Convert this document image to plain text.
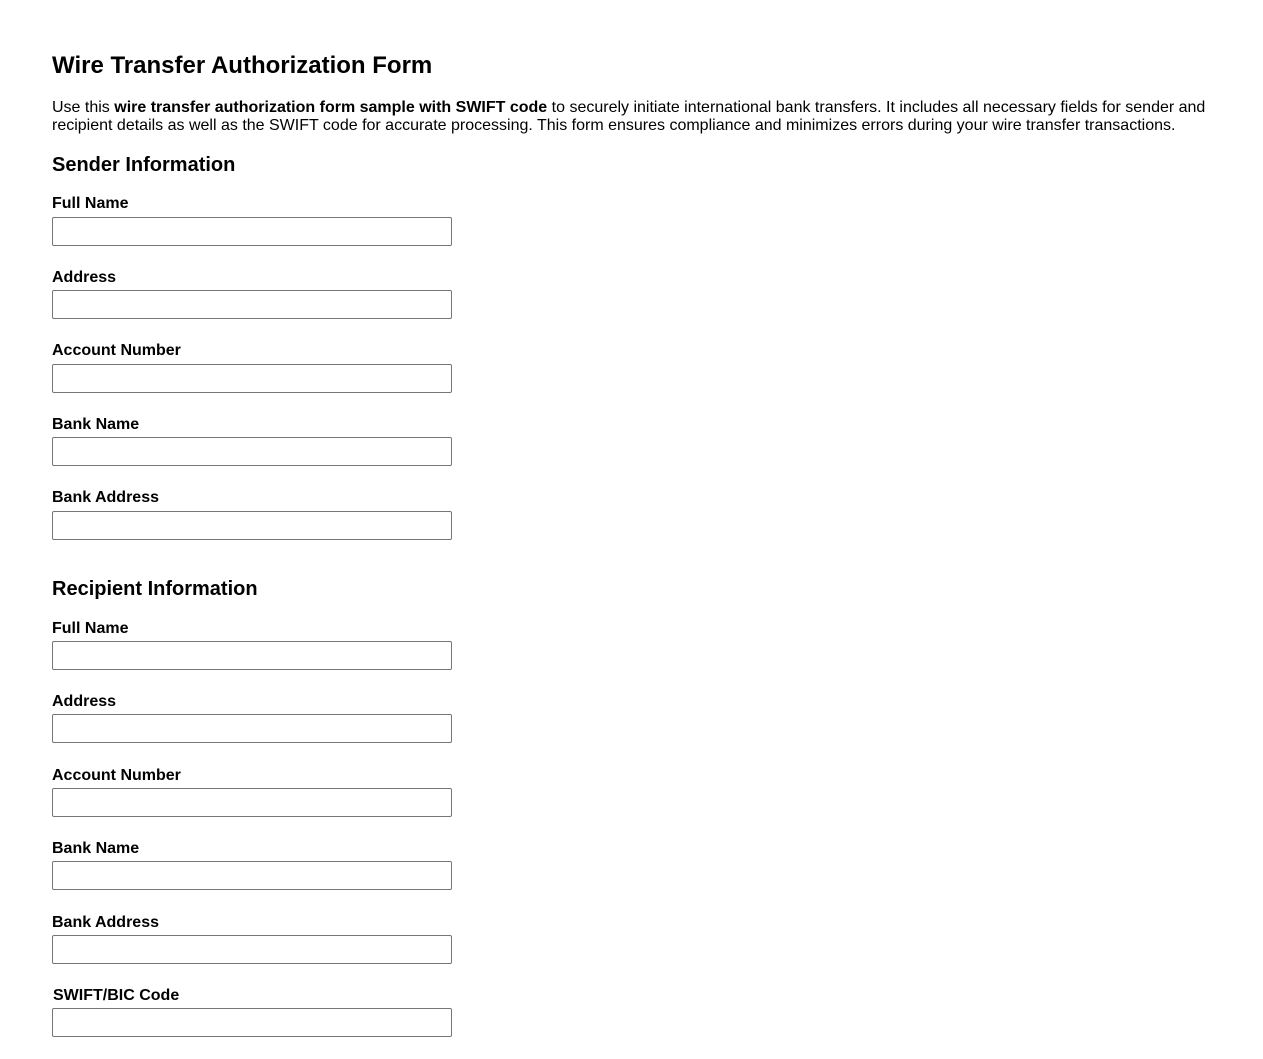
Wire Transfer Authorization Form

Use this wire transfer authorization form sample with SWIFT code to securely initiate international bank transfers. It includes all necessary fields for sender and recipient details as well as the SWIFT code for accurate processing. This form ensures compliance and minimizes errors during your wire transfer transactions.

Sender Information
Full Name
Address
Account Number
Bank Name
Bank Address
Recipient Information
Full Name
Address
Account Number
Bank Name
Bank Address
SWIFT/BIC Code
